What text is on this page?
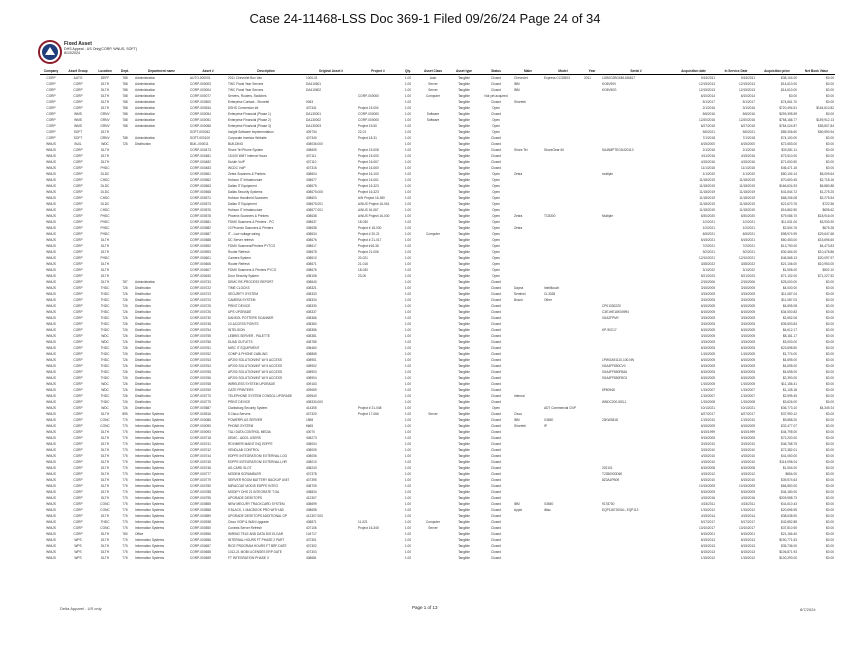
Case 24-11468-LSS Doc 369-1 Filed 09/26/24 Page 24 of 34
Fixed Asset
DHS Appeal - US Only(CORP, WNUS, SOFT)
8/13/2024
Company	Asset Group	Location	Dept.	Department name	Asset #	Description	Original Asset #	Project #	Qty.	Asset Class	Asset type	Status	Make	Model	Year	Serial #	Acquisition date	In Service Date	Acquisition price	Net Book Value
CORP	AUTO	DEFF	788	Administration	AUTO-000001	2011 Chevrolet Box Van	1000-01		1.00	Auto	Tangible	Closed	Chevrolet	Express CC33503	2011	1GB0G2BG6B1186817	5/15/2011	5/15/2011	$38,104.00	$0.00
CORP	CORP	DLTH	788	Administration	CORP-000003	TWC Floral Year Servers	DA410601		1.00	Server	Tangible	Closed	IBM			KO6V90V	12/15/2013	12/15/2013	$14,610.00	$0.00
CORP	CORP	DLTH	788	Administration	CORP-000004	TWC Floral Year Servers	DA410602		1.00	Server	Tangible	Closed	IBM			KO6V50G	12/15/2013	12/15/2013	$14,610.00	$0.00
CORP	CORP	DLTH	788	Administration	CORP-000077	Servers, Routers, Switches		CORP-000000	1.00	Computer	Tangible	Not yet acquired					6/10/2014	6/10/2014	$0.00	$0.00
CORP	CORP	DLTH	788	Administration	CORP-000500	Enterprise Contact - Shoretel	0063		1.00		Tangible	Closed	Shoretel				5/1/2017	5/1/2017	$74,661.70	$0.00
CORP	CORP	DLTH	788	Administration	CORP-000534	DSHS Conversion ##	407341	Project 15.004	1.00		Tangible	Open					2/1/2016	3/1/2016	$720,494.51	$164,610.82
CORP	WMS	GRNV	788	Administration	CORP-000054	Enterprise Financial (Phase 1)	DA130001	CORP-000000	1.00	Software	Tangible	Closed					5/6/2016	5/6/2016	$299,395.59	$0.00
CORP	WMS	GRNV	788	Administration	CORP-000051	Enterprise Financial (Phase 2)	DA130002	CORP-000000	1.00	Software	Tangible	Open					12/20/2016	12/20/2016	$758,186.77	$159,912.13
CORP	WMS	GRNV	788	Administration	CORP-000066	Enterprise Financial (Phase 3)	DA130003	Project 15-50	1.00		Tangible	Open					6/27/2015	6/27/2015	$764,024.87	$55,807.84
CORP	SOFT	DLTH			SOFT-000042	Insight Software Implementation	409734	22-01	1.00		Tangible	Open					5/6/2021	5/6/2021	$85,306.60	$60,590.94
CORP	SOFT	GRNV	788	Administration	SOFT-000100	Corporate Investor Website	407340	Project 18-31	1.00		Tangible	Closed					7/1/2018	7/1/2018	$74,100.00	$0.00
WNUS	BUIL	WDC	726	Distribution	BUIL-000011	BUILDING	408036.000		1.00		Tangible	Closed					6/15/2000	6/15/2000	$72,653.00	$0.00
WNUS	CORP	DLTH			CORP-000473	Shore Tel Phone System	408605	Project 15-008	1.00		Tangible	Closed	Shore Tel	ShoreGear 60		SA4N8PTEGD420110	2/1/2016	2/1/2016	$30,281.11	$0.00
WNUS	CORP	DLTH			CORP-000481	15,000 WMT Internal Hours	407111	Project 15-000	1.00		Tangible	Closed					4/11/2016	4/15/2016	$73,510.00	$0.00
WNUS	CORP	DLTH			CORP-000482	Duluth VoIP	407110	Project 16-067	1.00		Tangible	Closed					4/15/2016	4/15/2016	$71,600.50	$0.00
WNUS	CORP	PHDC			CORP-000483	WCDC VoIP	407316	Project 16-060	1.00		Tangible	Closed					11/1/2016	11/1/2016	$46,471.16	$0.00
WNUS	CORP	DLDC			CORP-000561	Zebra Scanners & Printers	408604	Project 16-100	1.00		Tangible	Open	Zebra			multiple	1/1/2020	1/1/2020	$80,104.14	$6,009.64
WNUS	CORP	CHDC			CORP-000562	Hobson IT Infrastructure	408677	Project 16-061	1.00		Tangible	Open					11/18/2019	11/18/2019	$70,600.45	$2,718.16
WNUS	CORP	DLDC			CORP-000563	Dallas IT Equipment	408675	Project 16-323	1.00		Tangible	Open					11/18/2019	11/18/2019	$166,624.93	$6,880.88
WNUS	CORP	DLDC			CORP-000568	Dallas Security Systems	408675.005	Project 16-323	1.00		Tangible	Open					11/18/2019	11/18/2019	$41,844.72	$1,275.20
WNUS	CORP	CHDC			CORP-000571	Hobson Handheld Scanners	408603	A/N Project 16-350	1.00		Tangible	Open					11/18/2019	11/18/2019	$68,206.08	$2,275.54
WNUS	CORP	DLDC			CORP-000573	Dallas IT Equipment	408675.001	A/NUS Project 16-061	1.00		Tangible	Open					11/18/2019	11/18/2019	$21,670.76	$722.56
WNUS	CORP	CHDC			CORP-000576	Hobson IT Infrastructure	408677.001	A/NUS 16-067	1.00		Tangible	Open					11/18/2019	11/18/2019	$16,862.50	$695.62
WNUS	CORP	PHDC			CORP-000578	Phoenix Scanners & Printers	408638	A/NUS Project 16-030	1.00		Tangible	Open	Zebra	TC8300		Multiple	6/30/2020	6/30/2020	$79,086.70	$18,916.00
WNUS	CORP	PHDC			CORP-000581	FDMX Scanners & Printers - PO	408637	18-030	1.00		Tangible	Open					1/2/2021	1/2/2021	$11,531.00	$3,930.90
WNUS	CORP	PHDC			CORP-000582	10 Phoenix Scanners & Printers	408638	Project # 18-030	1.00		Tangible	Open	Zebra				1/2/2021	1/2/2021	$2,504.76	$675.28
WNUS	CORP	PHDC			CORP-000587	IT - Low voltage wiring	408634	Project # 20-21	1.00	Computer	Tangible	Open					6/5/2021	6/5/2021	$98,974.99	$29,647.68
WNUS	CORP	DLTH			CORP-000588	DC Server refresh	408676	Project # 21-017	1.00		Tangible	Open					5/15/2021	5/15/2021	$60,453.00	$15,696.60
WNUS	CORP	DLTH			CORP-000592	FDMX Scanners/Printers PYTCO	408617	Project #16-36	1.00		Tangible	Open					7/2/2021	7/2/2021	$13,790.00	$4,473.83
WNUS	CORP	DLTH			CORP-000593	Router Refresh	408678	Project 21-006	1.00		Tangible	Open					9/2/2021	9/2/2021	$30,464.00	$10,478.86
WNUS	CORP	PHDC			CORP-000601	Camera System	408610	20-021	1.00		Tangible	Open					12/10/2021	12/10/2021	$46,568.13	$20,097.97
WNUS	CORP	DLTH			CORP-000606	Router Refresh	408671	21-016	1.00		Tangible	Open					3/28/2022	3/28/2022	$21,106.00	$10,953.00
WNUS	CORP	DLTH			CORP-000607	FDMX Scanners & Printers PYCO	408676	18-030	1.00		Tangible	Open					3/1/2022	3/1/2022	$1,506.00	$902.10
WNUS	CORP	DLTH			CORP-000630	Door Security System	408108	23-00	1.00		Tangible	Open					5/21/2023	5/21/2023	$71,102.00	$71,227.52
WNUS	CORP	DLTH	787	Administration	CORP-000733	DEMC RE-PROCESS REPORT	408640		1.00		Tangible	Closed					2/15/2006	2/15/2006	$25,000.00	$0.00
WNUS	CORP	THDC	726	Distribution	CORP-000722	TIME CLOCKS	408321		1.00		Tangible	Closed	Dayna	Intellitouch			3/15/2005	3/15/2005	$4,000.00	$0.00
WNUS	CORP	THDC	726	Distribution	CORP-000723	SECURITY SYSTEM	408333		1.00		Tangible	Closed	Sentinel	CL3028			3/15/2005	3/15/2005	$11,087.04	$0.00
WNUS	CORP	THDC	726	Distribution	CORP-000724	CAMERA SYSTEM	408334		1.00		Tangible	Closed	Bosch	Other			3/15/2005	3/15/2005	$11,087.03	$0.00
WNUS	CORP	THDC	726	Distribution	CORP-000725	PRINT DEVICE	408330		1.00		Tangible	Closed				CP010302Z0	6/15/2005	6/15/2005	$4,695.08	$0.00
WNUS	CORP	THDC	726	Distribution	CORP-000726	UPS UPGRADE	408337		1.00		Tangible	Closed				C3E1HE18K00994	6/15/2005	6/15/2005	$34,500.83	$0.00
WNUS	CORP	THDC	726	Distribution	CORP-000730	DANSOL POTTERS SCANNER	408366		1.00		Tangible	Closed				0GA2FPMY	3/15/2005	3/15/2005	$2,652.06	$0.00
WNUS	CORP	THDC	726	Distribution	CORP-000748	10-ACCESS POINTS	408360		1.00		Tangible	Closed					3/15/2005	3/15/2005	$35,693.84	$0.00
WNUS	CORP	THDC	726	Distribution	CORP-000754	INTELSION	408356		1.00		Tangible	Closed				KP-90C17	6/15/2005	6/15/2005	$4,612.17	$0.00
WNUS	CORP	WDC	726	Distribution	CORP-000755	LEBRIS SERVER - PALETTE	408381		1.00		Tangible	Closed					3/15/2005	3/15/2005	$8,181.17	$0.00
WNUS	CORP	WDC	726	Distribution	CORP-000756	DUAD OUTLETS	408785		1.00		Tangible	Closed					3/15/2005	3/15/2005	$3,000.00	$0.00
WNUS	CORP	THDC	726	Distribution	CORP-000761	MISC IT EQUIPMENT	408460		1.00		Tangible	Closed					6/15/2005	6/15/2005	$23,698.50	$0.00
WNUS	CORP	THDC	726	Distribution	CORP-000762	COMP & PHONE CABLING	408865		1.00		Tangible	Closed					1/15/2005	1/15/2005	$1,774.00	$0.00
WNUS	CORP	THDC	726	Distribution	CORP-000763	AP200 SOLUTION/INT W/ 5 ACCESS	408901		1.00		Tangible	Closed				1PWGA91110-100-NN	6/15/2005	6/15/2005	$4,695.00	$0.00
WNUS	CORP	THDC	726	Distribution	CORP-000764	AP200 SOLUTION/INT W/ 5 ACCESS	408902		1.00		Tangible	Closed				0GA4FF850CV0	6/15/2005	6/15/2005	$4,695.00	$0.00
WNUS	CORP	THDC	726	Distribution	CORP-000765	AP200 SOLUTION/INT W/ 5 ACCESS	408903		1.00		Tangible	Closed				0GA4FF850F8A6	6/15/2005	6/15/2005	$4,695.00	$0.00
WNUS	CORP	THDC	726	Distribution	CORP-000766	AP200 SOLUTION/INT W/ 5 ACCESS	408904		1.00		Tangible	Closed				0GA4FF850F8C0	6/15/2005	6/15/2005	$2,390.00	$0.00
WNUS	CORP	WDC	726	Distribution	CORP-000768	WIRELESS SYSTEM UPGRADE	409163		1.00		Tangible	Closed					1/15/2005	1/15/2005	$11,156.41	$0.00
WNUS	CORP	WDC	726	Distribution	CORP-000769	GATE PRINTERS	409069		1.00		Tangible	Closed				6P60946	1/15/2007	1/15/2007	$1,105.18	$0.00
WNUS	CORP	THDC	726	Distribution	CORP-000770	TELEPHONE SYSTEM CONSOL UPGRADE	409540		1.00		Tangible	Closed	Internal				1/15/2007	1/15/2007	$2,595.45	$0.00
WNUS	CORP	THDC	726	Distribution	CORP-000779	PRINT DEVICE	408330.000		1.00		Tangible	Closed				WNDC200-553-1	1/15/2008	1/15/2008	$3,626.00	$0.00
WNUS	CORP	WDC	726	Distribution	CORP-000587	Clarksburg Security System	414305	Project # 21-048	1.00		Tangible	Open		ADT Commercial CNP			10/1/2021	10/1/2021	$36,773.10	$4,349.24
WNUS	CORP	DLTH	895	Information Systems	CORP-000516	5 Cisco Servers	407320	Project 17-066	1.00	Server	Tangible	Closed	Cisco				6/27/2017	6/27/2017	$37,990.12	$0.00
WNUS	CORP	CONC	775	Information Systems	CORP-000086	POWERPLUS SERVER	1898		1.00		Tangible	Closed	IBM	X3650		23KW3818	1/15/2010	1/15/2010	$9,858.20	$0.00
WNUS	CORP	CONC	775	Information Systems	CORP-000090	PHONE SYSTEM	6665		1.00		Tangible	Closed	Shoretel	IP			6/15/2009	6/15/2009	$32,477.07	$0.00
WNUS	CORP	DLTH	775	Information Systems	CORP-000093	T&L/ DATA CONTROL MEDIA	40070		1.00		Tangible	Closed					6/15/1999	6/15/1999	$44,795.00	$0.00
WNUS	CORP	DLTH	775	Information Systems	CORP-000718	DEMC - ADD'L USERS	408273		1.00		Tangible	Closed					9/15/2005	9/15/2005	$72,200.00	$0.00
WNUS	CORP	DLTH	775	Information Systems	CORP-000741	ROVIMER/ MAINT INQ EDPFE	408004		1.00		Tangible	Closed					3/15/2010	3/15/2010	$46,768.75	$0.00
WNUS	CORP	DLTH	775	Information Systems	CORP-000742	VENDLAB CONTROL	408005		1.00		Tangible	Closed					3/15/2010	3/15/2010	$72,382.01	$0.00
WNUS	CORP	DLTH	775	Information Systems	CORP-000744	EDPFE INTEGRATION/ EXTERNAL LOG	408006		1.00		Tangible	Closed					4/15/2010	4/15/2010	$41,050.00	$0.00
WNUS	CORP	DLTH	775	Information Systems	CORP-000745	EDPFE INTEGRATION/ EXTERNAL LHR	408010		1.00		Tangible	Closed					4/15/2010	4/15/2010	$114,096.04	$0.00
WNUS	CORP	DLTH	775	Information Systems	CORP-000746	AS-CARD SLOT	408243		1.00		Tangible	Closed				202101	6/15/2008	6/15/2008	$1,504.00	$0.00
WNUS	CORP	DLTH	775	Information Systems	CORP-000777	MODEM SCRAMBLER	407378		1.00		Tangible	Closed				T2350000D60	4/15/2012	4/15/2012	$654.00	$0.00
WNUS	CORP	DLTH	775	Information Systems	CORP-000779	SERVER ROOM BATTERY BACKUP UNIT	407395		1.00		Tangible	Closed				8Z0A1PB09	6/15/2010	6/15/2010	$39,574.63	$0.00
WNUS	CORP	DLTH	775	Information Systems	CORP-000780	MIRACOAT MODIS EDPFE INTEG	408705		1.00		Tangible	Closed					10/15/2009	10/15/2009	$66,550.00	$0.00
WNUS	CORP	DLTH	775	Information Systems	CORP-000788	MODIFY DHS 21 INTEGRATE T.GA	408834		1.00		Tangible	Closed					5/15/2009	5/15/2009	$44,180.00	$0.00
WNUS	CORP	DLTH	775	Information Systems	CORP-000795	UPGRADE DESKTOPS	412307		1.00		Tangible	Closed					4/15/2016	4/15/2016	$209,558.73	$0.00
WNUS	CORP	CONC	775	Information Systems	CORP-000855	NEW MECURY TRACKCARD SYSTEM	408699		1.00		Tangible	Closed	IBM	X3650		9178700	4/15/2011	4/15/2011	$41,610.43	$0.00
WNUS	CORP	CONC	775	Information Systems	CORP-000858	9 BLACK, 1 MACBOOK PRO WITH AB	408698		1.00		Tangible	Closed	Apple	iMac		EQP1187200A1, EQP113	1/15/2012	1/15/2012	$20,696.95	$0.00
WNUS	CORP	DLTH	775	Information Systems	CORP-000859	UPGRADE DESKTOPS ADDITIONAL GP	412307.000		1.00		Tangible	Closed					4/15/2014	4/15/2014	$38,638.90	$0.00
WNUS	CORP	THDC	775	Information Systems	CORP-000938	Cisco VOIP & WAN Upgrade	408871	11-021	1.00	Computer	Tangible	Closed					5/17/2017	5/17/2017	$42,852.85	$0.00
WNUS	CORP	CONC	775	Information Systems	CORP-000550	Conexis Server Refresh	407106	Project 16-345	1.00	Server	Tangible	Closed					10/10/2017	10/10/2017	$37,810.90	$0.00
WNUS	CORP	DLTH	780	Office	CORP-000596	WIRING TELE AND DATA DIG ELGAR	104717		1.00		Tangible	Closed					6/15/2001	6/15/2001	$21,166.40	$0.00
WNUS	WPS	DLTH	775	Information Systems	CORP-000656	INTERNAL HOURS FT PHASE 2 PART	407301		1.00		Tangible	Closed					6/15/2013	6/15/2013	$190,771.63	$0.00
WNUS	WPS	DLTH	775	Information Systems	CORP-000657	RICE PROGRAM HOURS FT BRF-DATE	407302		1.00		Tangible	Closed					6/15/2013	6/15/2013	$35,736.00	$0.00
WNUS	WPS	DLTH	775	Information Systems	CORP-000658	1012-21 MOBI LICENSES ERP DATE	407303		1.00		Tangible	Closed					6/15/2013	6/15/2013	$106,871.93	$0.00
WNUS	WPS	DLTH	775	Information Systems	CORP-000659	FT INTEGRATION PHASE II	408681		1.00		Tangible	Closed					1/15/2012	1/15/2012	$100,290.00	$0.00
Delta Apparel - US only	Page 1 of 13	8/7/2024
